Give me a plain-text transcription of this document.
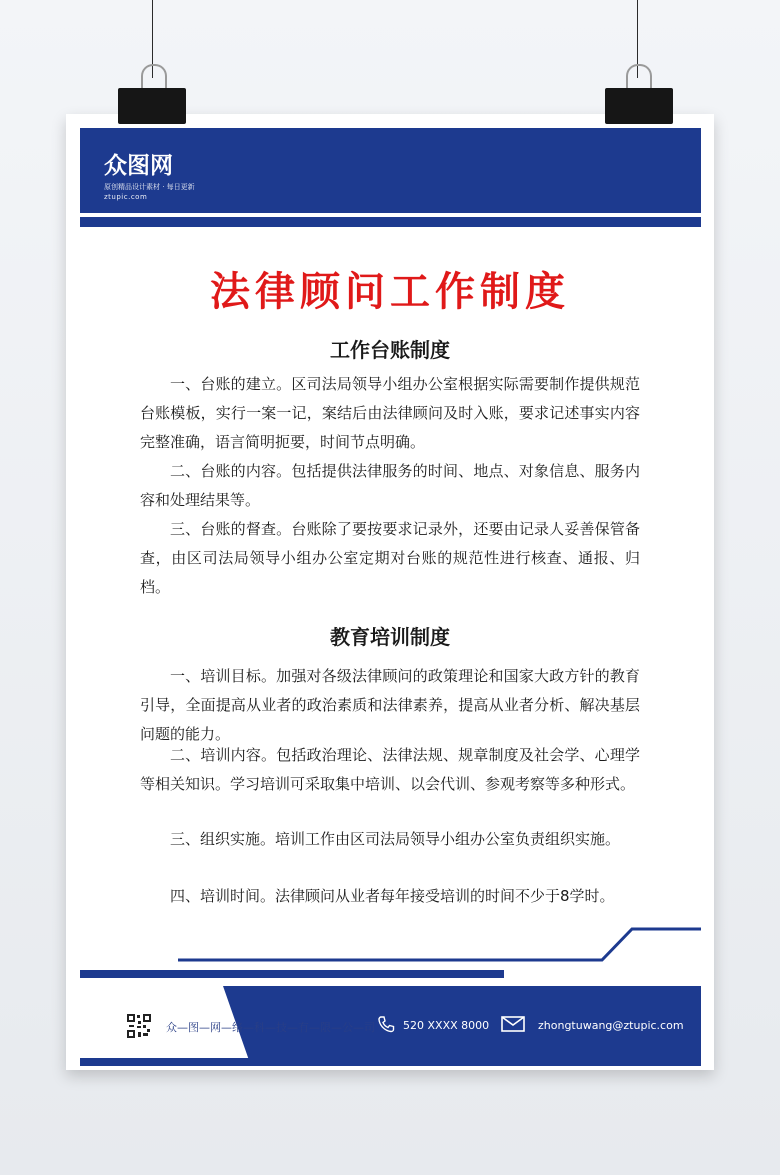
众图网
原创精品设计素材 · 每日更新
ztupic.com
法律顾问工作制度
工作台账制度

一、台账的建立。区司法局领导小组办公室根据实际需要制作提供规范台账模板，实行一案一记，案结后由法律顾问及时入账，要求记述事实内容完整准确，语言简明扼要，时间节点明确。

二、台账的内容。包括提供法律服务的时间、地点、对象信息、服务内容和处理结果等。

三、台账的督查。台账除了要按要求记录外，还要由记录人妥善保管备查，由区司法局领导小组办公室定期对台账的规范性进行核查、通报、归档。

教育培训制度

一、培训目标。加强对各级法律顾问的政策理论和国家大政方针的教育引导，全面提高从业者的政治素质和法律素养，提高从业者分析、解决基层问题的能力。

二、培训内容。包括政治理论、法律法规、规章制度及社会学、心理学等相关知识。学习培训可采取集中培训、以会代训、参观考察等多种形式。

三、组织实施。培训工作由区司法局领导小组办公室负责组织实施。

四、培训时间。法律顾问从业者每年接受培训的时间不少于8学时。

众—图—网—络—科—技—有—限—公—司	520 XXXX 8000	zhongtuwang@ztupic.com
